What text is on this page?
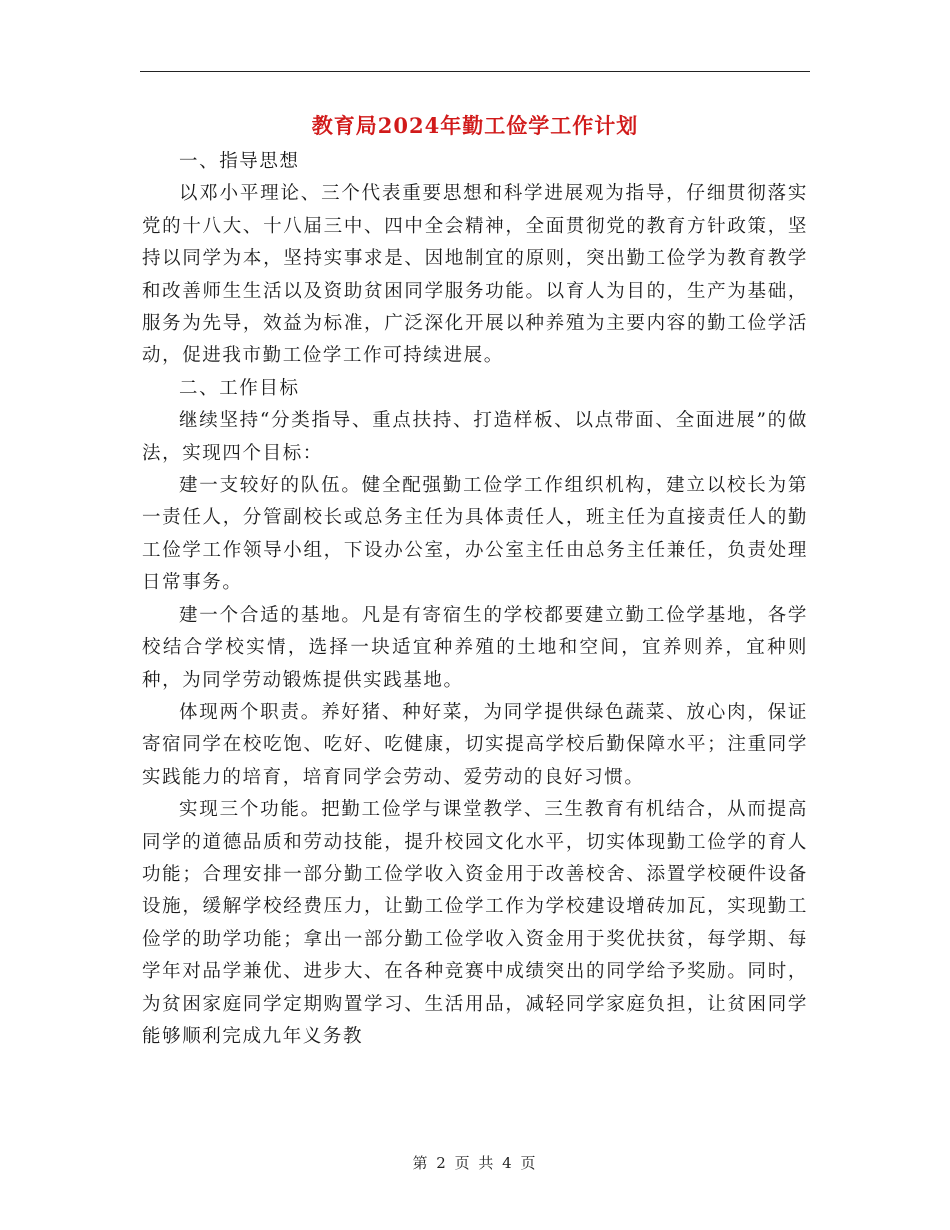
教育局2024年勤工俭学工作计划

一、指导思想

以邓小平理论、三个代表重要思想和科学进展观为指导，仔细贯彻落实党的十八大、十八届三中、四中全会精神，全面贯彻党的教育方针政策，坚持以同学为本，坚持实事求是、因地制宜的原则，突出勤工俭学为教育教学和改善师生生活以及资助贫困同学服务功能。以育人为目的，生产为基础，服务为先导，效益为标准，广泛深化开展以种养殖为主要内容的勤工俭学活动，促进我市勤工俭学工作可持续进展。

二、工作目标

继续坚持“分类指导、重点扶持、打造样板、以点带面、全面进展”的做法，实现四个目标：

建一支较好的队伍。健全配强勤工俭学工作组织机构，建立以校长为第一责任人，分管副校长或总务主任为具体责任人，班主任为直接责任人的勤工俭学工作领导小组，下设办公室，办公室主任由总务主任兼任，负责处理日常事务。

建一个合适的基地。凡是有寄宿生的学校都要建立勤工俭学基地，各学校结合学校实情，选择一块适宜种养殖的土地和空间，宜养则养，宜种则种，为同学劳动锻炼提供实践基地。

体现两个职责。养好猪、种好菜，为同学提供绿色蔬菜、放心肉，保证寄宿同学在校吃饱、吃好、吃健康，切实提高学校后勤保障水平；注重同学实践能力的培育，培育同学会劳动、爱劳动的良好习惯。

实现三个功能。把勤工俭学与课堂教学、三生教育有机结合，从而提高同学的道德品质和劳动技能，提升校园文化水平，切实体现勤工俭学的育人功能；合理安排一部分勤工俭学收入资金用于改善校舍、添置学校硬件设备设施，缓解学校经费压力，让勤工俭学工作为学校建设增砖加瓦，实现勤工俭学的助学功能；拿出一部分勤工俭学收入资金用于奖优扶贫，每学期、每学年对品学兼优、进步大、在各种竞赛中成绩突出的同学给予奖励。同时，为贫困家庭同学定期购置学习、生活用品，减轻同学家庭负担，让贫困同学能够顺利完成九年义务教

第 2 页 共 4 页
